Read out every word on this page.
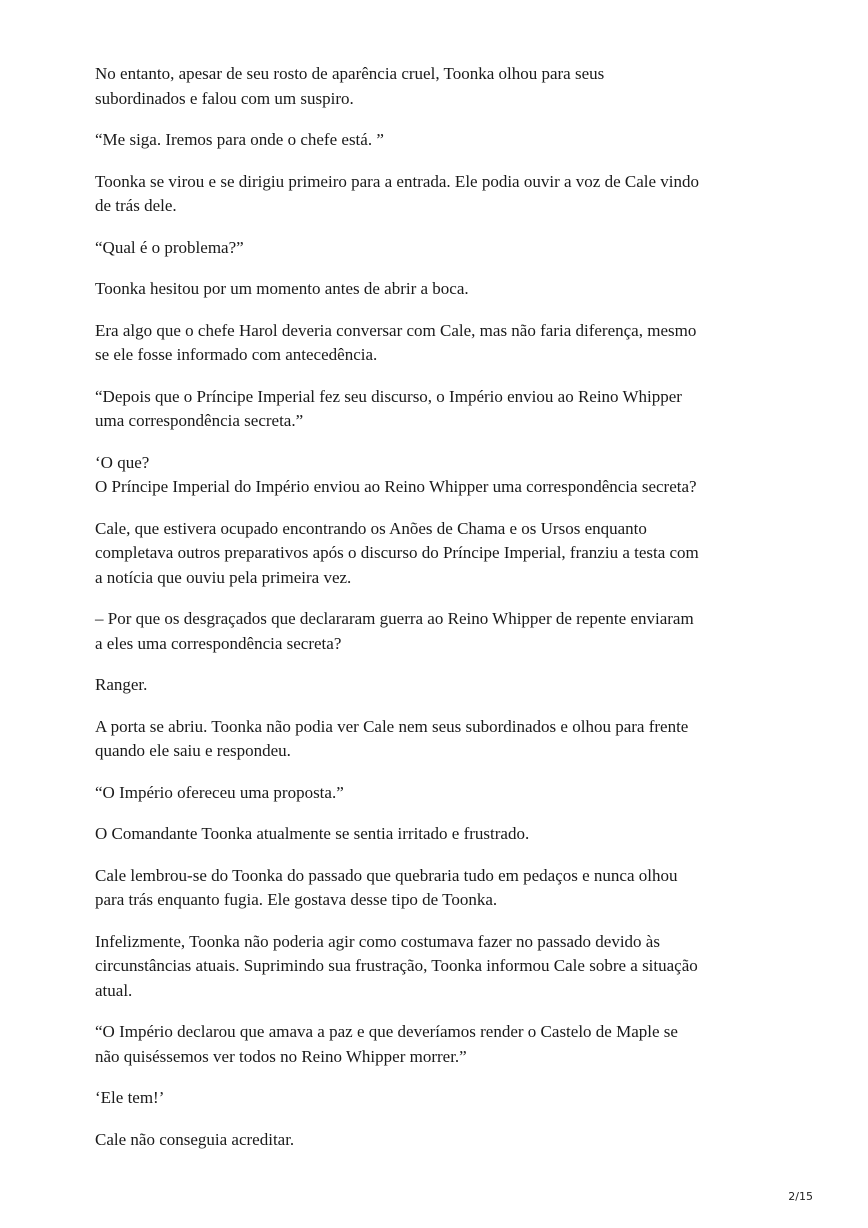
No entanto, apesar de seu rosto de aparência cruel, Toonka olhou para seus
subordinados e falou com um suspiro.

“Me siga. Iremos para onde o chefe está. ”

Toonka se virou e se dirigiu primeiro para a entrada. Ele podia ouvir a voz de Cale vindo
de trás dele.

“Qual é o problema?”

Toonka hesitou por um momento antes de abrir a boca.

Era algo que o chefe Harol deveria conversar com Cale, mas não faria diferença, mesmo
se ele fosse informado com antecedência.

“Depois que o Príncipe Imperial fez seu discurso, o Império enviou ao Reino Whipper
uma correspondência secreta.”

‘O que?
O Príncipe Imperial do Império enviou ao Reino Whipper uma correspondência secreta?

Cale, que estivera ocupado encontrando os Anões de Chama e os Ursos enquanto
completava outros preparativos após o discurso do Príncipe Imperial, franziu a testa com
a notícia que ouviu pela primeira vez.

– Por que os desgraçados que declararam guerra ao Reino Whipper de repente enviaram
a eles uma correspondência secreta?

Ranger.

A porta se abriu. Toonka não podia ver Cale nem seus subordinados e olhou para frente
quando ele saiu e respondeu.

“O Império ofereceu uma proposta.”

O Comandante Toonka atualmente se sentia irritado e frustrado.

Cale lembrou-se do Toonka do passado que quebraria tudo em pedaços e nunca olhou
para trás enquanto fugia. Ele gostava desse tipo de Toonka.

Infelizmente, Toonka não poderia agir como costumava fazer no passado devido às
circunstâncias atuais. Suprimindo sua frustração, Toonka informou Cale sobre a situação
atual.

“O Império declarou que amava a paz e que deveríamos render o Castelo de Maple se
não quiséssemos ver todos no Reino Whipper morrer.”

‘Ele tem!’

Cale não conseguia acreditar.

2/15
